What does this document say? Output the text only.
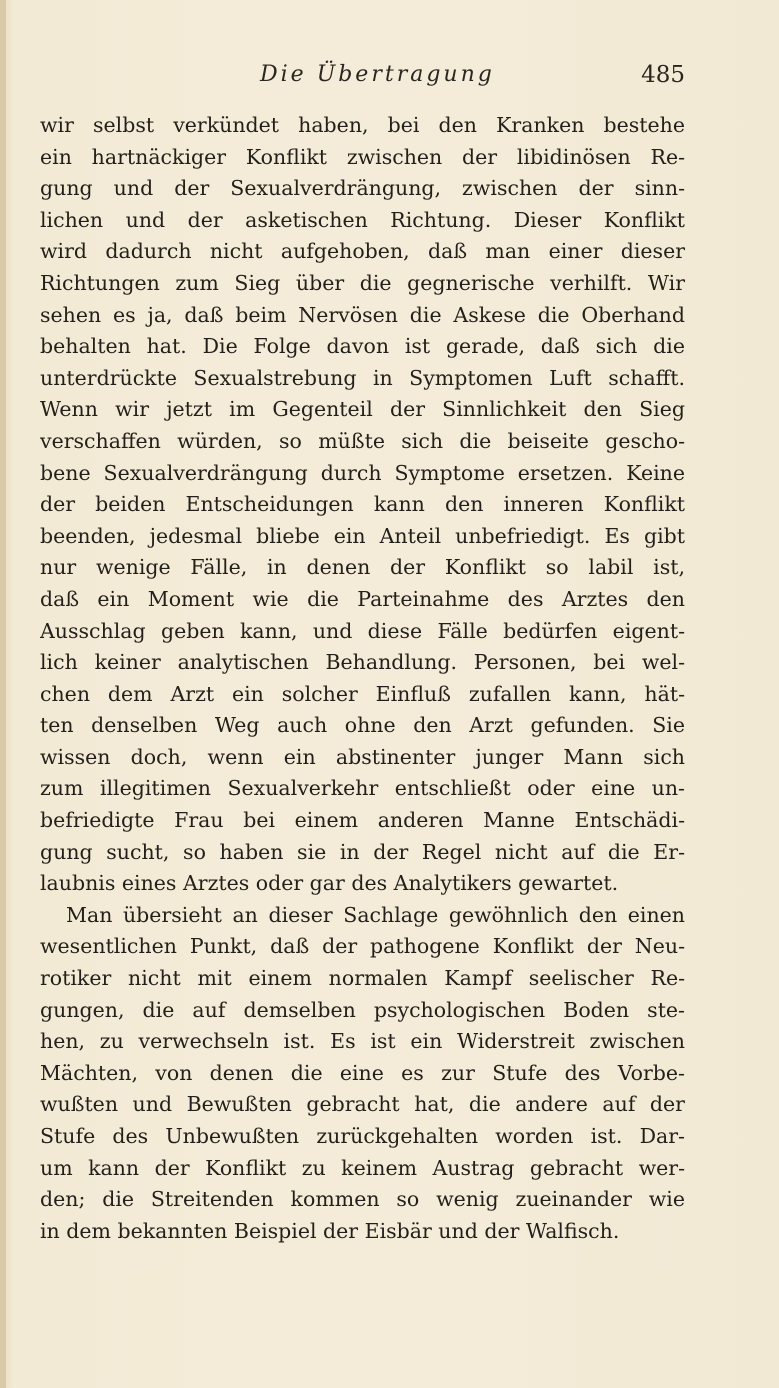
Die Übertragung	485
wir selbst verkündet haben, bei den Kranken bestehe
ein hartnäckiger Konflikt zwischen der libidinösen Re-
gung und der Sexualverdrängung, zwischen der sinn-
lichen und der asketischen Richtung. Dieser Konflikt
wird dadurch nicht aufgehoben, daß man einer dieser
Richtungen zum Sieg über die gegnerische verhilft. Wir
sehen es ja, daß beim Nervösen die Askese die Oberhand
behalten hat. Die Folge davon ist gerade, daß sich die
unterdrückte Sexualstrebung in Symptomen Luft schafft.
Wenn wir jetzt im Gegenteil der Sinnlichkeit den Sieg
verschaffen würden, so müßte sich die beiseite gescho-
bene Sexualverdrängung durch Symptome ersetzen. Keine
der beiden Entscheidungen kann den inneren Konflikt
beenden, jedesmal bliebe ein Anteil unbefriedigt. Es gibt
nur wenige Fälle, in denen der Konflikt so labil ist,
daß ein Moment wie die Parteinahme des Arztes den
Ausschlag geben kann, und diese Fälle bedürfen eigent-
lich keiner analytischen Behandlung. Personen, bei wel-
chen dem Arzt ein solcher Einfluß zufallen kann, hät-
ten denselben Weg auch ohne den Arzt gefunden. Sie
wissen doch, wenn ein abstinenter junger Mann sich
zum illegitimen Sexualverkehr entschließt oder eine un-
befriedigte Frau bei einem anderen Manne Entschädi-
gung sucht, so haben sie in der Regel nicht auf die Er-
laubnis eines Arztes oder gar des Analytikers gewartet.
Man übersieht an dieser Sachlage gewöhnlich den einen
wesentlichen Punkt, daß der pathogene Konflikt der Neu-
rotiker nicht mit einem normalen Kampf seelischer Re-
gungen, die auf demselben psychologischen Boden ste-
hen, zu verwechseln ist. Es ist ein Widerstreit zwischen
Mächten, von denen die eine es zur Stufe des Vorbe-
wußten und Bewußten gebracht hat, die andere auf der
Stufe des Unbewußten zurückgehalten worden ist. Dar-
um kann der Konflikt zu keinem Austrag gebracht wer-
den; die Streitenden kommen so wenig zueinander wie
in dem bekannten Beispiel der Eisbär und der Walfisch.
